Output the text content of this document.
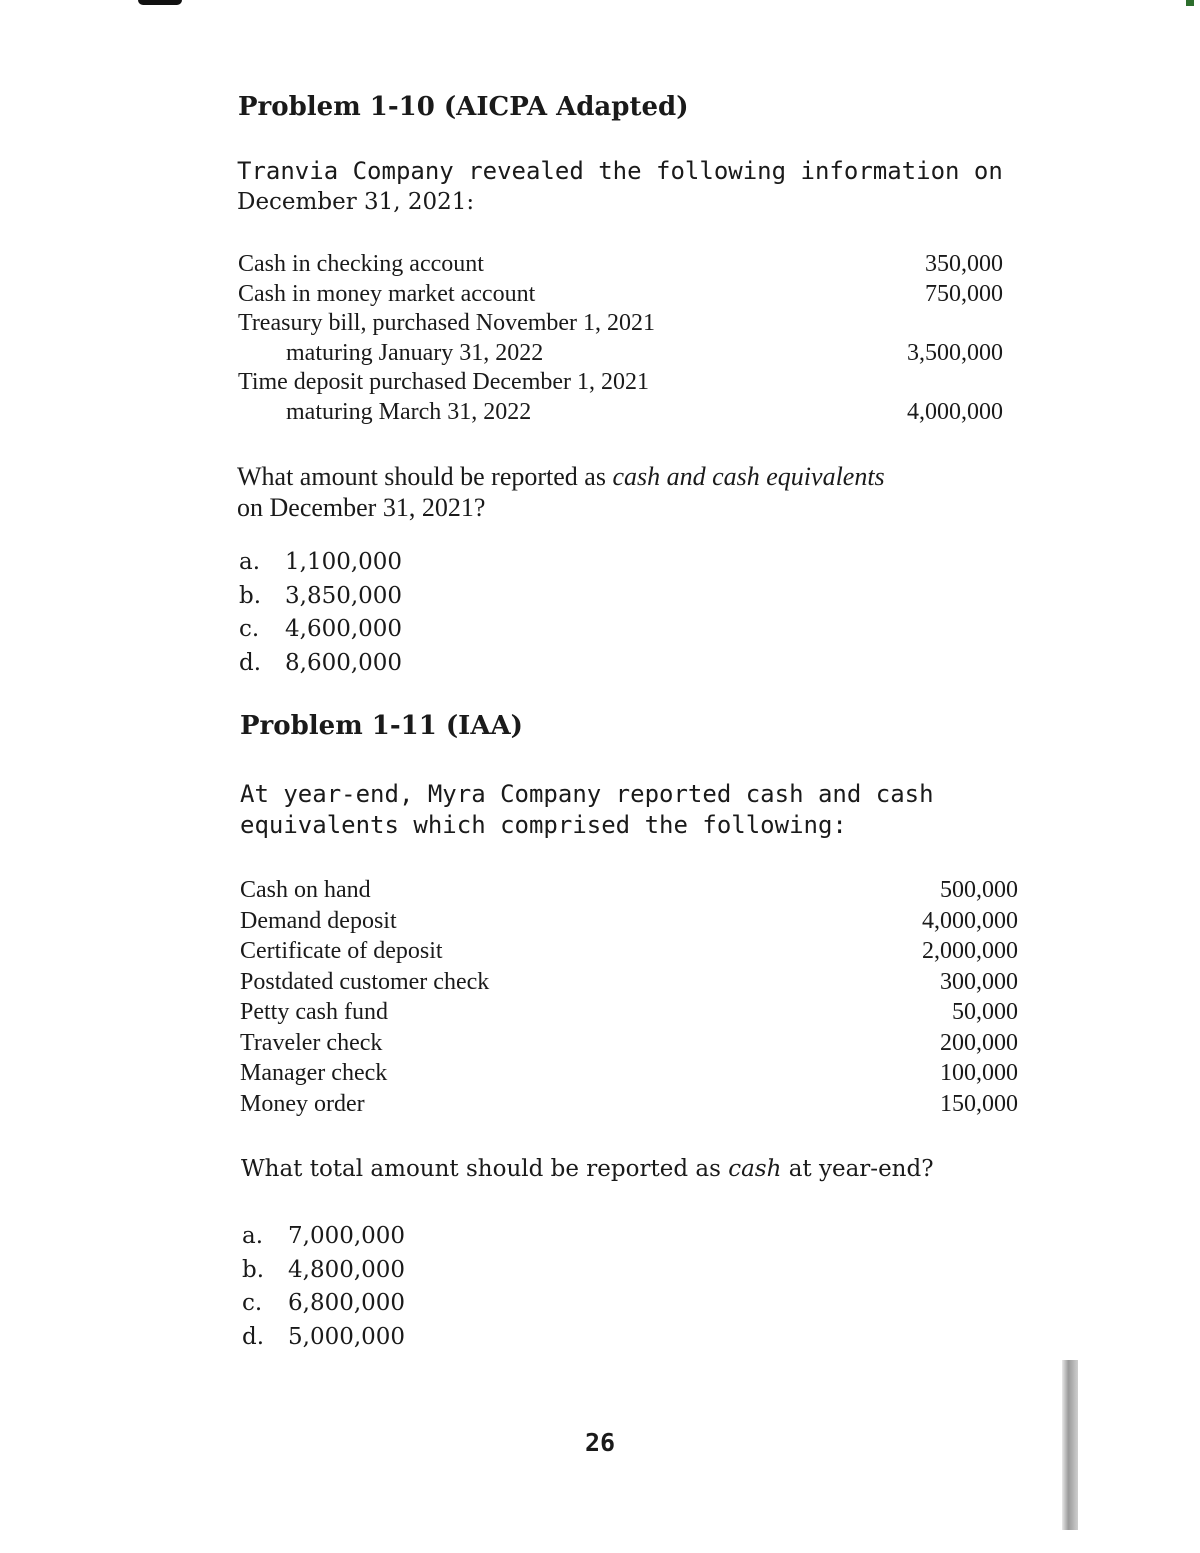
Problem 1-10 (AICPA Adapted)

Tranvia Company revealed the following information on
December 31, 2021:

Cash in checking account	350,000
Cash in money market account	750,000
Treasury bill, purchased November 1, 2021	
maturing January 31, 2022	3,500,000
Time deposit purchased December 1, 2021	
maturing March 31, 2022	4,000,000

What amount should be reported as cash and cash equivalents
on December 31, 2021?

a. 1,100,000
b. 3,850,000
c. 4,600,000
d. 8,600,000
Problem 1-11 (IAA)

At year-end, Myra Company reported cash and cash
equivalents which comprised the following:

Cash on hand	500,000
Demand deposit	4,000,000
Certificate of deposit	2,000,000
Postdated customer check	300,000
Petty cash fund	50,000
Traveler check	200,000
Manager check	100,000
Money order	150,000

What total amount should be reported as cash at year-end?

a. 7,000,000
b. 4,800,000
c. 6,800,000
d. 5,000,000
26
